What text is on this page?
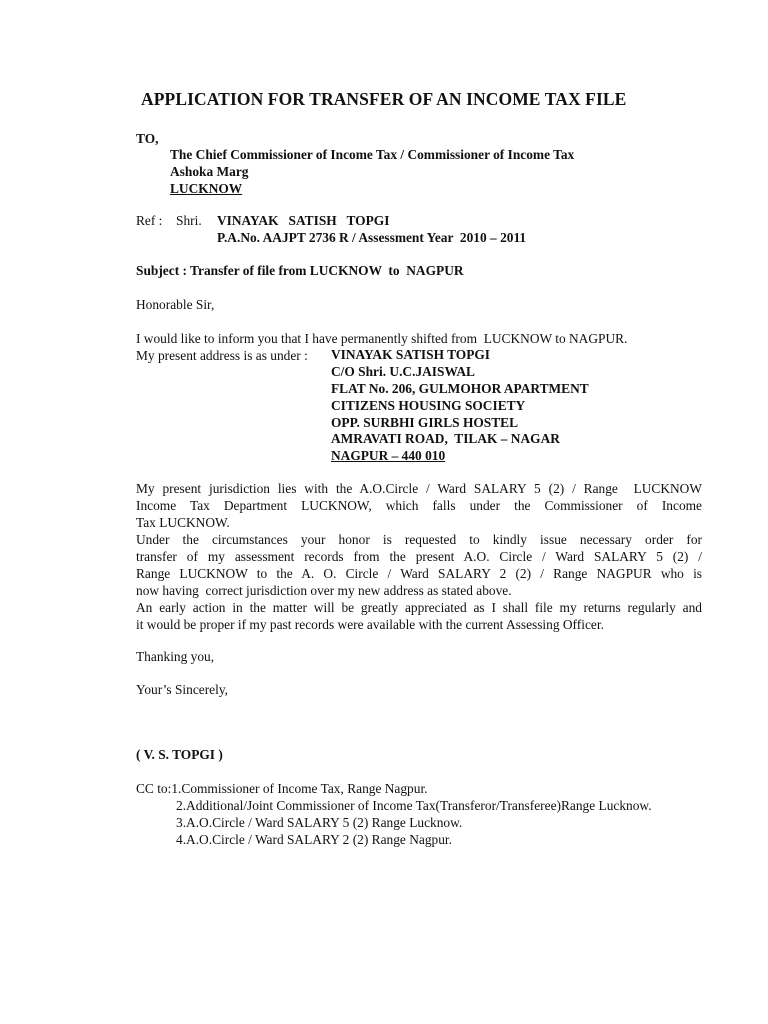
APPLICATION FOR TRANSFER OF AN INCOME TAX FILE
TO,
The Chief Commissioner of Income Tax / Commissioner of Income Tax
Ashoka Marg
LUCKNOW
Ref : Shri. VINAYAK   SATISH   TOPGI
P.A.No. AAJPT 2736 R / Assessment Year  2010 – 2011
Subject : Transfer of file from LUCKNOW  to  NAGPUR
Honorable Sir,
I would like to inform you that I have permanently shifted from  LUCKNOW to NAGPUR.
My present address is as under : VINAYAK SATISH TOPGI
C/O Shri. U.C.JAISWAL
FLAT No. 206, GULMOHOR APARTMENT
CITIZENS HOUSING SOCIETY
OPP. SURBHI GIRLS HOSTEL
AMRAVATI ROAD,  TILAK – NAGAR
NAGPUR – 440 010
My present jurisdiction lies with the A.O.Circle / Ward SALARY 5 (2) / Range  LUCKNOW
Income Tax Department LUCKNOW, which falls under the Commissioner of Income
Tax LUCKNOW.
Under the circumstances your honor is requested to kindly issue necessary order for
transfer of my assessment records from the present A.O. Circle / Ward SALARY 5 (2) /
Range LUCKNOW to the A. O. Circle / Ward SALARY 2 (2) / Range NAGPUR who is
now having  correct jurisdiction over my new address as stated above.
An early action in the matter will be greatly appreciated as I shall file my returns regularly and
it would be proper if my past records were available with the current Assessing Officer.
Thanking you,
Your’s Sincerely,
( V. S. TOPGI )
CC to:1.Commissioner of Income Tax, Range Nagpur.
2.Additional/Joint Commissioner of Income Tax(Transferor/Transferee)Range Lucknow.
3.A.O.Circle / Ward SALARY 5 (2) Range Lucknow.
4.A.O.Circle / Ward SALARY 2 (2) Range Nagpur.
